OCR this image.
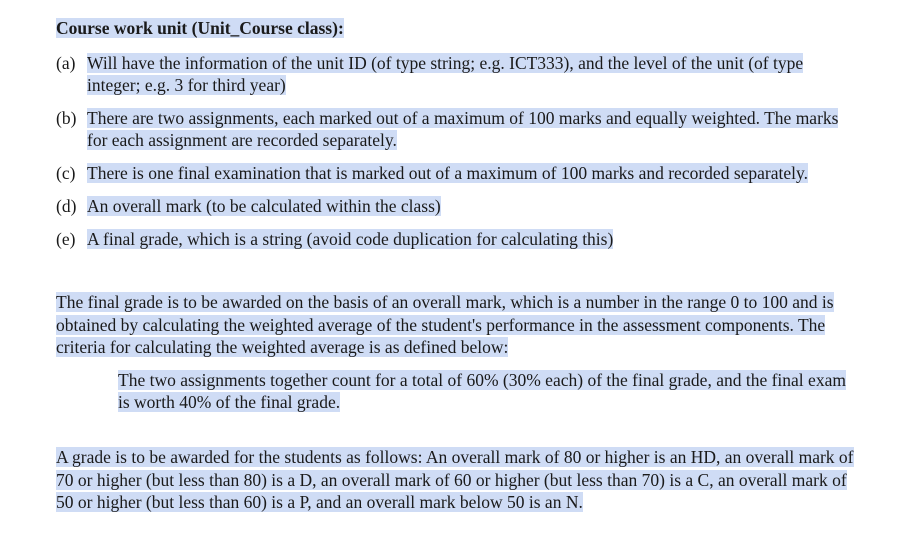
Course work unit (Unit_Course class):
(a) Will have the information of the unit ID (of type string; e.g. ICT333), and the level of the unit (of type integer; e.g. 3 for third year)
(b) There are two assignments, each marked out of a maximum of 100 marks and equally weighted. The marks for each assignment are recorded separately.
(c) There is one final examination that is marked out of a maximum of 100 marks and recorded separately.
(d) An overall mark (to be calculated within the class)
(e) A final grade, which is a string (avoid code duplication for calculating this)
The final grade is to be awarded on the basis of an overall mark, which is a number in the range 0 to 100 and is obtained by calculating the weighted average of the student's performance in the assessment components. The criteria for calculating the weighted average is as defined below:
The two assignments together count for a total of 60% (30% each) of the final grade, and the final exam is worth 40% of the final grade.
A grade is to be awarded for the students as follows: An overall mark of 80 or higher is an HD, an overall mark of 70 or higher (but less than 80) is a D, an overall mark of 60 or higher (but less than 70) is a C, an overall mark of 50 or higher (but less than 60) is a P, and an overall mark below 50 is an N.
